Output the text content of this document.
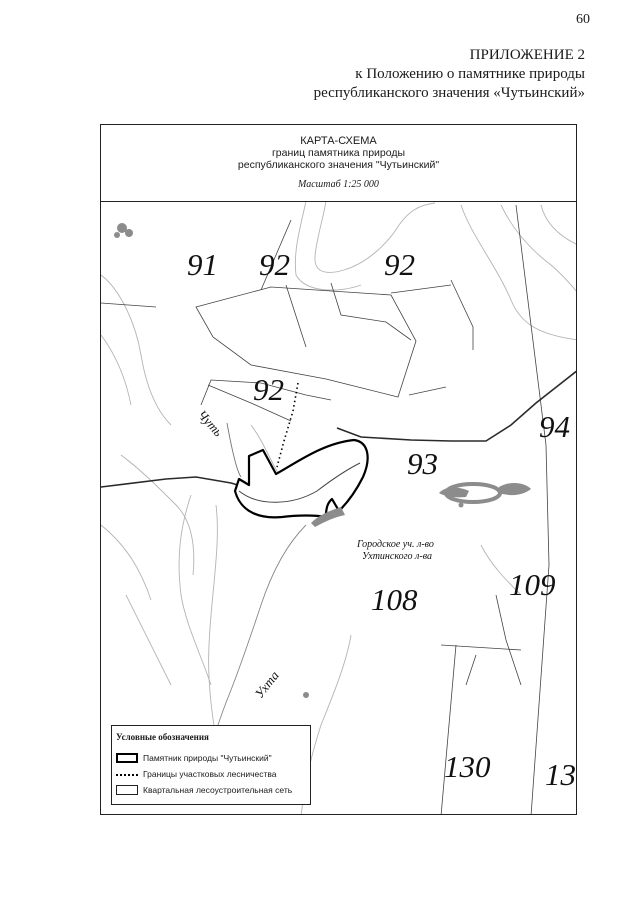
60
ПРИЛОЖЕНИЕ 2
к Положению о памятнике природы
республиканского значения «Чутьинский»
91 92	92
92
93
94
108	109
130 13
Чуть
Ухта
Городское уч. л-во
Ухтинского л-ва
КАРТА-СХЕМА
границ памятника природы
республиканского значения "Чутьинский"
Масштаб 1:25 000
Условные обозначения
Памятник природы "Чутьинский"
Границы участковых лесничества
Квартальная лесоустроительная сеть
